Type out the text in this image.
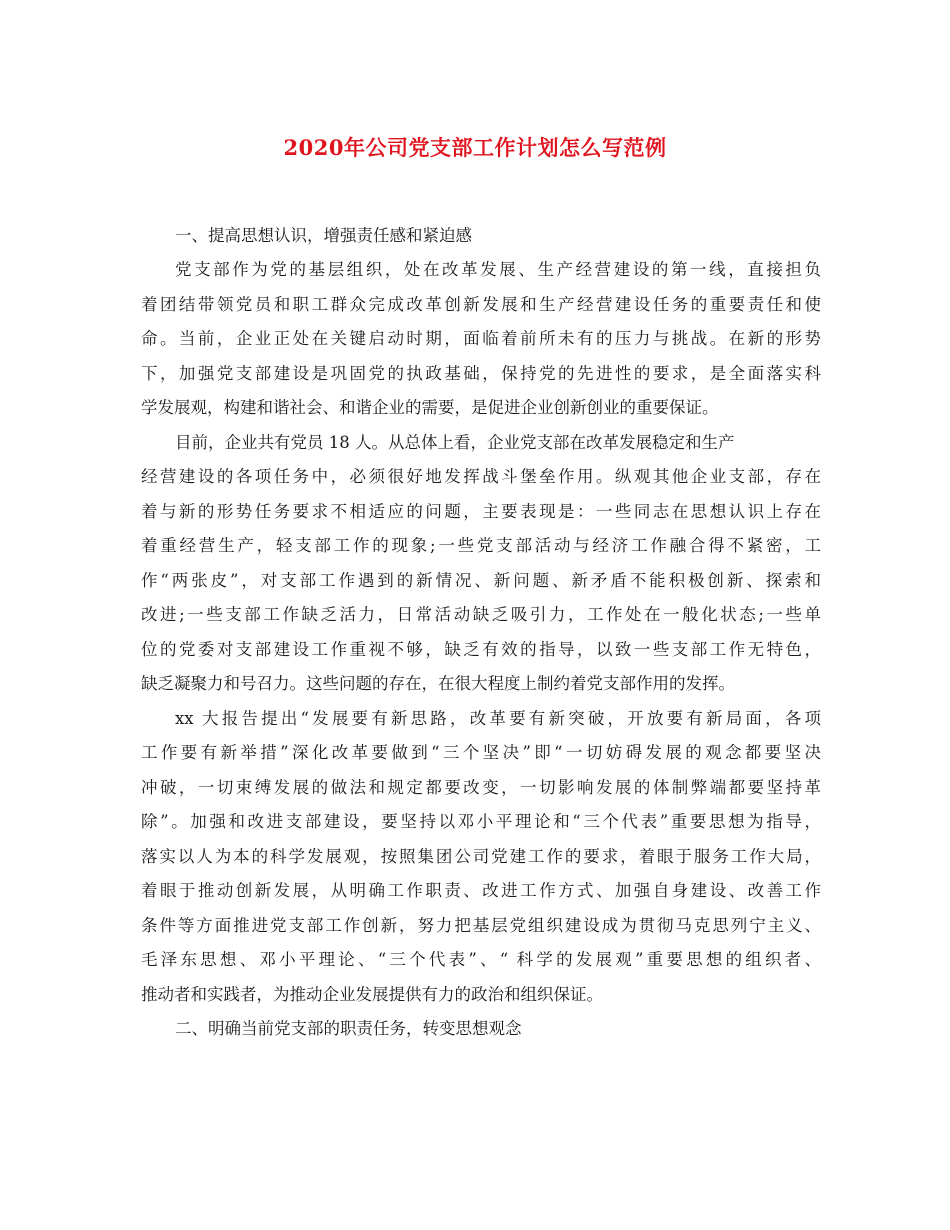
2020年公司党支部工作计划怎么写范例

一、提高思想认识，增强责任感和紧迫感

党支部作为党的基层组织，处在改革发展、生产经营建设的第一线，直接担负
着团结带领党员和职工群众完成改革创新发展和生产经营建设任务的重要责任和使
命。当前，企业正处在关键启动时期，面临着前所未有的压力与挑战。在新的形势
下，加强党支部建设是巩固党的执政基础，保持党的先进性的要求，是全面落实科
学发展观，构建和谐社会、和谐企业的需要，是促进企业创新创业的重要保证。

目前，企业共有党员 18 人。从总体上看，企业党支部在改革发展稳定和生产
经营建设的各项任务中，必须很好地发挥战斗堡垒作用。纵观其他企业支部，存在
着与新的形势任务要求不相适应的问题，主要表现是：一些同志在思想认识上存在
着重经营生产，轻支部工作的现象;一些党支部活动与经济工作融合得不紧密，工
作“两张皮”，对支部工作遇到的新情况、新问题、新矛盾不能积极创新、探索和
改进;一些支部工作缺乏活力，日常活动缺乏吸引力，工作处在一般化状态;一些单
位的党委对支部建设工作重视不够，缺乏有效的指导，以致一些支部工作无特色，
缺乏凝聚力和号召力。这些问题的存在，在很大程度上制约着党支部作用的发挥。

xx 大报告提出“发展要有新思路，改革要有新突破，开放要有新局面，各项
工作要有新举措”深化改革要做到“三个坚决”即“一切妨碍发展的观念都要坚决
冲破，一切束缚发展的做法和规定都要改变，一切影响发展的体制弊端都要坚持革
除”。加强和改进支部建设，要坚持以邓小平理论和“三个代表”重要思想为指导，
落实以人为本的科学发展观，按照集团公司党建工作的要求，着眼于服务工作大局，
着眼于推动创新发展，从明确工作职责、改进工作方式、加强自身建设、改善工作
条件等方面推进党支部工作创新，努力把基层党组织建设成为贯彻马克思列宁主义、
毛泽东思想、邓小平理论、“三个代表”、“ 科学的发展观”重要思想的组织者、
推动者和实践者，为推动企业发展提供有力的政治和组织保证。

二、明确当前党支部的职责任务，转变思想观念
